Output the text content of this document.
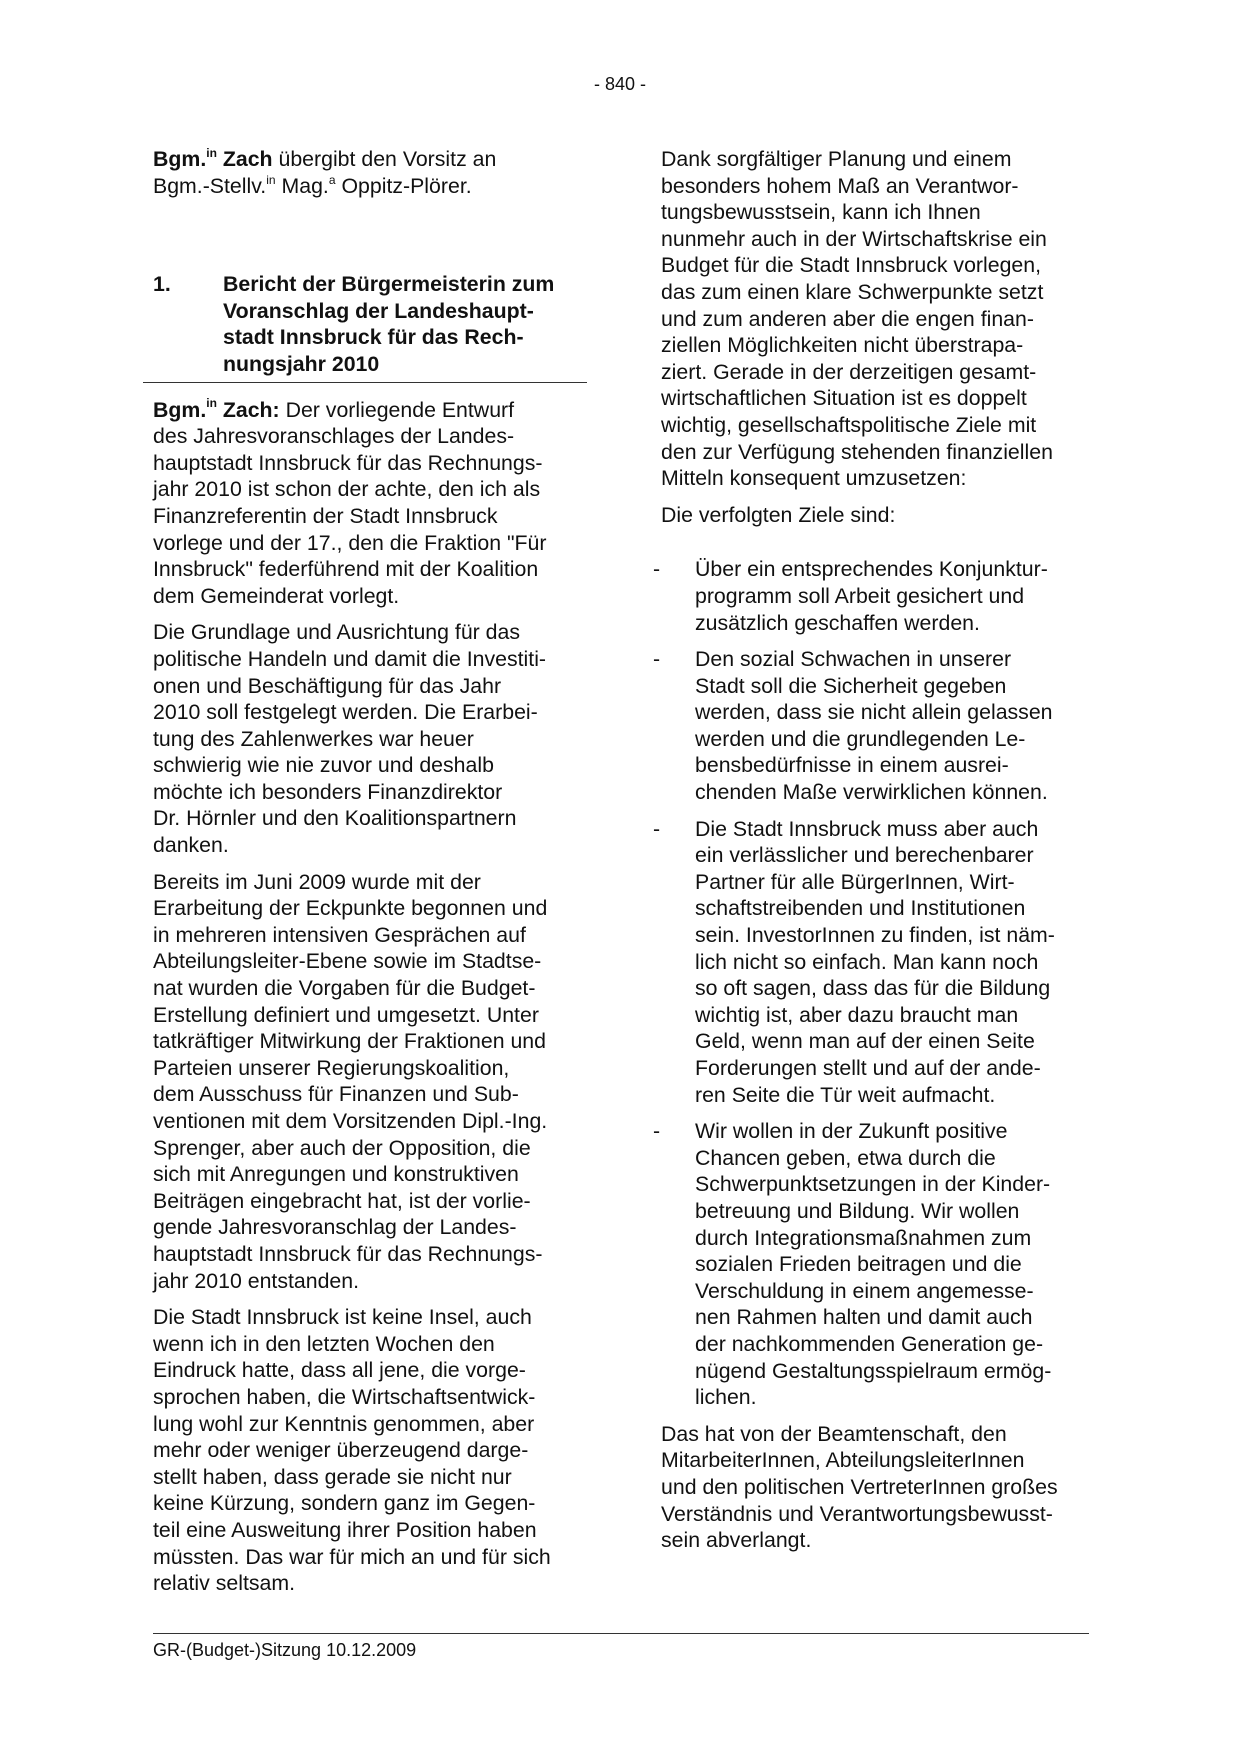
- 840 -
Bgm.$^{in}$ Zach übergibt den Vorsitz an
Bgm.-Stellv.$^{in}$ Mag.$^a$ Oppitz-Plörer.
1.	Bericht der Bürgermeisterin zum
Voranschlag der Landeshaupt-
stadt Innsbruck für das Rech-
nungsjahr 2010
Bgm.$^{in}$ Zach: Der vorliegende Entwurf
des Jahresvoranschlages der Landes-
hauptstadt Innsbruck für das Rechnungs-
jahr 2010 ist schon der achte, den ich als
Finanzreferentin der Stadt Innsbruck
vorlege und der 17., den die Fraktion "Für
Innsbruck" federführend mit der Koalition
dem Gemeinderat vorlegt.
Die Grundlage und Ausrichtung für das
politische Handeln und damit die Investiti-
onen und Beschäftigung für das Jahr
2010 soll festgelegt werden. Die Erarbei-
tung des Zahlenwerkes war heuer
schwierig wie nie zuvor und deshalb
möchte ich besonders Finanzdirektor
Dr. Hörnler und den Koalitionspartnern
danken.
Bereits im Juni 2009 wurde mit der
Erarbeitung der Eckpunkte begonnen und
in mehreren intensiven Gesprächen auf
Abteilungsleiter-Ebene sowie im Stadtse-
nat wurden die Vorgaben für die Budget-
Erstellung definiert und umgesetzt. Unter
tatkräftiger Mitwirkung der Fraktionen und
Parteien unserer Regierungskoalition,
dem Ausschuss für Finanzen und Sub-
ventionen mit dem Vorsitzenden Dipl.-Ing.
Sprenger, aber auch der Opposition, die
sich mit Anregungen und konstruktiven
Beiträgen eingebracht hat, ist der vorlie-
gende Jahresvoranschlag der Landes-
hauptstadt Innsbruck für das Rechnungs-
jahr 2010 entstanden.
Die Stadt Innsbruck ist keine Insel, auch
wenn ich in den letzten Wochen den
Eindruck hatte, dass all jene, die vorge-
sprochen haben, die Wirtschaftsentwick-
lung wohl zur Kenntnis genommen, aber
mehr oder weniger überzeugend darge-
stellt haben, dass gerade sie nicht nur
keine Kürzung, sondern ganz im Gegen-
teil eine Ausweitung ihrer Position haben
müssten. Das war für mich an und für sich
relativ seltsam.
Dank sorgfältiger Planung und einem
besonders hohem Maß an Verantwor-
tungsbewusstsein, kann ich Ihnen
nunmehr auch in der Wirtschaftskrise ein
Budget für die Stadt Innsbruck vorlegen,
das zum einen klare Schwerpunkte setzt
und zum anderen aber die engen finan-
ziellen Möglichkeiten nicht überstrapa-
ziert. Gerade in der derzeitigen gesamt-
wirtschaftlichen Situation ist es doppelt
wichtig, gesellschaftspolitische Ziele mit
den zur Verfügung stehenden finanziellen
Mitteln konsequent umzusetzen:
Die verfolgten Ziele sind:
-	Über ein entsprechendes Konjunktur-
programm soll Arbeit gesichert und
zusätzlich geschaffen werden.
-	Den sozial Schwachen in unserer
Stadt soll die Sicherheit gegeben
werden, dass sie nicht allein gelassen
werden und die grundlegenden Le-
bensbedürfnisse in einem ausrei-
chenden Maße verwirklichen können.
-	Die Stadt Innsbruck muss aber auch
ein verlässlicher und berechenbarer
Partner für alle BürgerInnen, Wirt-
schaftstreibenden und Institutionen
sein. InvestorInnen zu finden, ist näm-
lich nicht so einfach. Man kann noch
so oft sagen, dass das für die Bildung
wichtig ist, aber dazu braucht man
Geld, wenn man auf der einen Seite
Forderungen stellt und auf der ande-
ren Seite die Tür weit aufmacht.
-	Wir wollen in der Zukunft positive
Chancen geben, etwa durch die
Schwerpunktsetzungen in der Kinder-
betreuung und Bildung. Wir wollen
durch Integrationsmaßnahmen zum
sozialen Frieden beitragen und die
Verschuldung in einem angemesse-
nen Rahmen halten und damit auch
der nachkommenden Generation ge-
nügend Gestaltungsspielraum ermög-
lichen.
Das hat von der Beamtenschaft, den
MitarbeiterInnen, AbteilungsleiterInnen
und den politischen VertreterInnen großes
Verständnis und Verantwortungsbewusst-
sein abverlangt.
GR-(Budget-)Sitzung 10.12.2009
